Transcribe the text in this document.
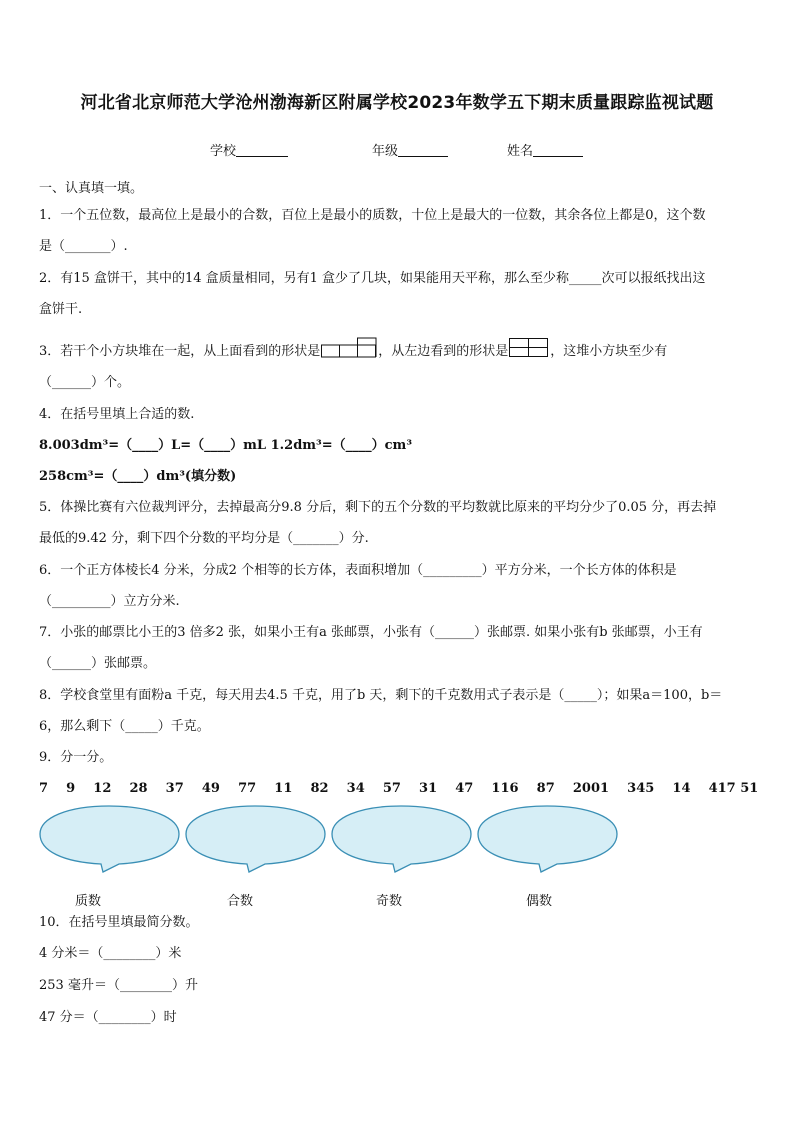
河北省北京师范大学沧州渤海新区附属学校2023年数学五下期末质量跟踪监视试题
学校	年级	姓名
一、认真填一填。
1．一个五位数，最高位上是最小的合数，百位上是最小的质数，十位上是最大的一位数，其余各位上都是0，这个数
是（_______）.
2．有15 盒饼干，其中的14 盒质量相同，另有1 盒少了几块，如果能用天平称，那么至少称_____次可以报纸找出这
盒饼干.
3．若干个小方块堆在一起，从上面看到的形状是	，从左边看到的形状是	，这堆小方块至少有
（______）个。
4．在括号里填上合适的数.
8.003dm³=（____）L=（____）mL 1.2dm³=（____）cm³
258cm³=（____）dm³(填分数)
5．体操比赛有六位裁判评分，去掉最高分9.8 分后，剩下的五个分数的平均数就比原来的平均分少了0.05 分，再去掉
最低的9.42 分，剩下四个分数的平均分是（_______）分.
6．一个正方体棱长4 分米，分成2 个相等的长方体，表面积增加（_________）平方分米，一个长方体的体积是
（_________）立方分米.
7．小张的邮票比小王的3 倍多2 张，如果小王有a 张邮票，小张有（______）张邮票. 如果小张有b 张邮票，小王有
（______）张邮票。
8．学校食堂里有面粉a 千克，每天用去4.5 千克，用了b 天，剩下的千克数用式子表示是（_____）；如果a＝100，b＝
6，那么剩下（_____）千克。
9．分一分。
7    9    12    28    37    49    77    11    82    34    57    31    47    116    87    2001    345    14    417 51
质数	合数	奇数	偶数
10．在括号里填最简分数。
4 分米＝（________）米
253 毫升＝（________）升
47 分＝（________）时
